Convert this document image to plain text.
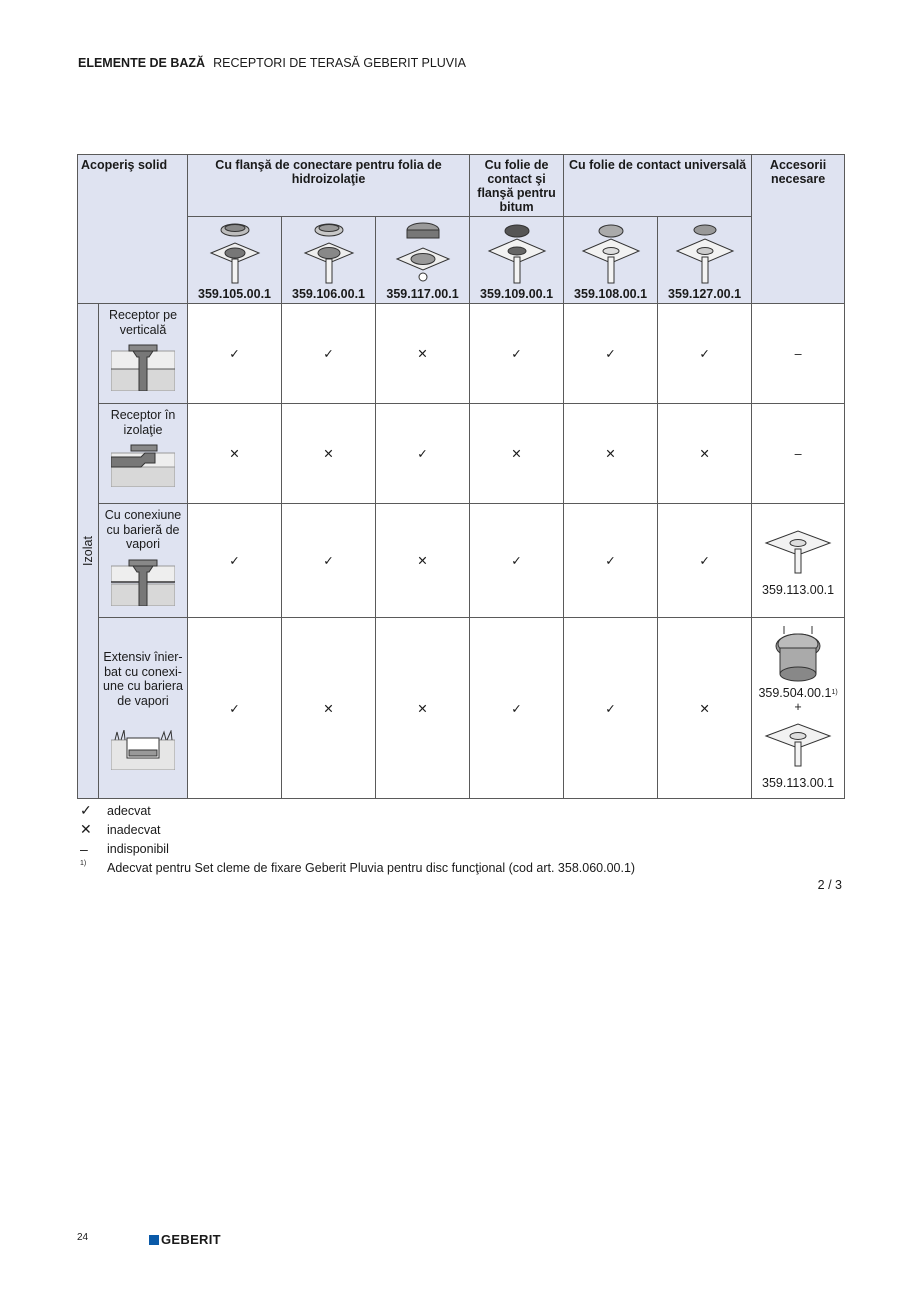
ELEMENTE DE BAZĂ RECEPTORI DE TERASĂ GEBERIT PLUVIA
Acoperiş solid		Cu flanşă de conectare pentru folia de hidroizolaţie			Cu folie de contact şi flanşă pentru bitum	Cu folie de contact universală		Accesorii necesare

359.105.00.1	359.106.00.1	359.117.00.1	359.109.00.1	359.108.00.1	359.127.00.1	

Izolat	Receptor pe verticală	✓	✓	✕	✓	✓	✓	–
	Receptor în izolaţie	✕	✕	✓	✕	✕	✕	–
	Cu conexiune cu barieră de vapori	✓	✓	✕	✓	✓	✓	359.113.00.1

	Extensiv înier-bat cu conexi-une cu bariera de vapori	✓	✕	✕	✓	✓	✕	$359.504.00.1^{1)}$
+
359.113.00.1
✓	adecvat
✕	inadecvat
–	indisponibil
1)	Adecvat pentru Set cleme de fixare Geberit Pluvia pentru disc funcţional (cod art. 358.060.00.1)
2 / 3
24	GEBERIT
